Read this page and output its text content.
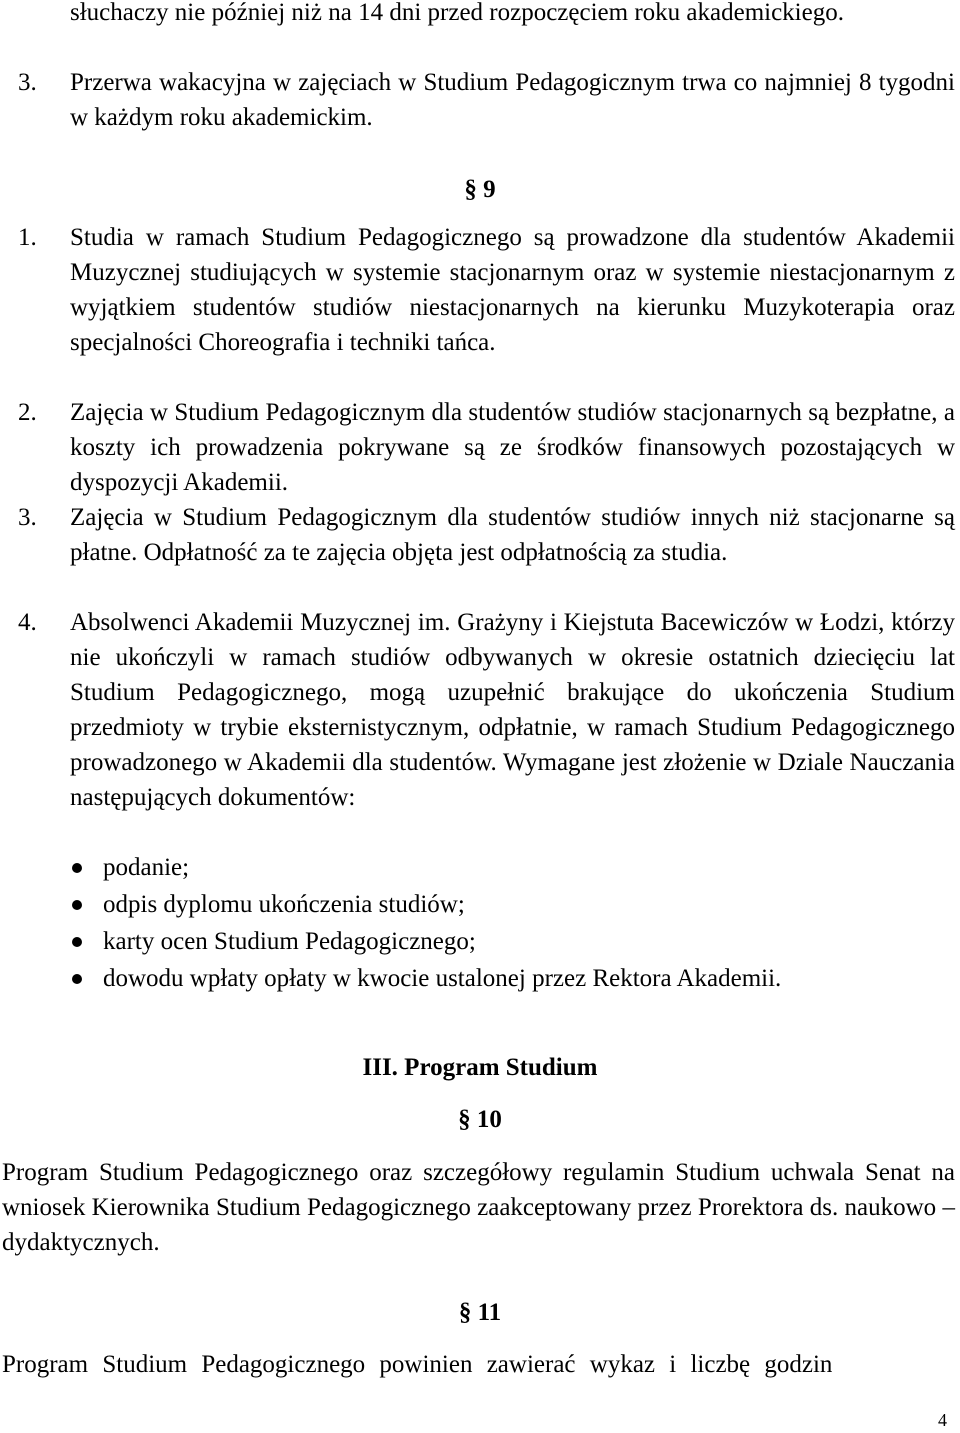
słuchaczy nie później niż na 14 dni przed rozpoczęciem roku akademickiego.
3. Przerwa wakacyjna w zajęciach w Studium Pedagogicznym trwa co najmniej 8 tygodni w każdym roku akademickim.
§ 9
1. Studia w ramach Studium Pedagogicznego są prowadzone dla studentów Akademii Muzycznej studiujących w systemie stacjonarnym oraz w systemie niestacjonarnym z wyjątkiem studentów studiów niestacjonarnych na kierunku Muzykoterapia oraz specjalności Choreografia i techniki tańca.
2. Zajęcia w Studium Pedagogicznym dla studentów studiów stacjonarnych są bezpłatne, a koszty ich prowadzenia pokrywane są ze środków finansowych pozostających w dyspozycji Akademii.
3. Zajęcia w Studium Pedagogicznym dla studentów studiów innych niż stacjonarne są płatne. Odpłatność za te zajęcia objęta jest odpłatnością za studia.
4. Absolwenci Akademii Muzycznej im. Grażyny i Kiejstuta Bacewiczów w Łodzi, którzy nie ukończyli w ramach studiów odbywanych w okresie ostatnich dziecięciu lat Studium Pedagogicznego, mogą uzupełnić brakujące do ukończenia Studium przedmioty w trybie eksternistycznym, odpłatnie, w ramach Studium Pedagogicznego prowadzonego w Akademii dla studentów. Wymagane jest złożenie w Dziale Nauczania następujących dokumentów:
podanie;
odpis dyplomu ukończenia studiów;
karty ocen Studium Pedagogicznego;
dowodu wpłaty opłaty w kwocie ustalonej przez Rektora Akademii.
III. Program Studium
§ 10
Program Studium Pedagogicznego oraz szczegółowy regulamin Studium uchwala Senat na wniosek Kierownika Studium Pedagogicznego zaakceptowany przez Prorektora ds. naukowo – dydaktycznych.
§ 11
Program Studium Pedagogicznego powinien zawierać wykaz i liczbę godzin
4
